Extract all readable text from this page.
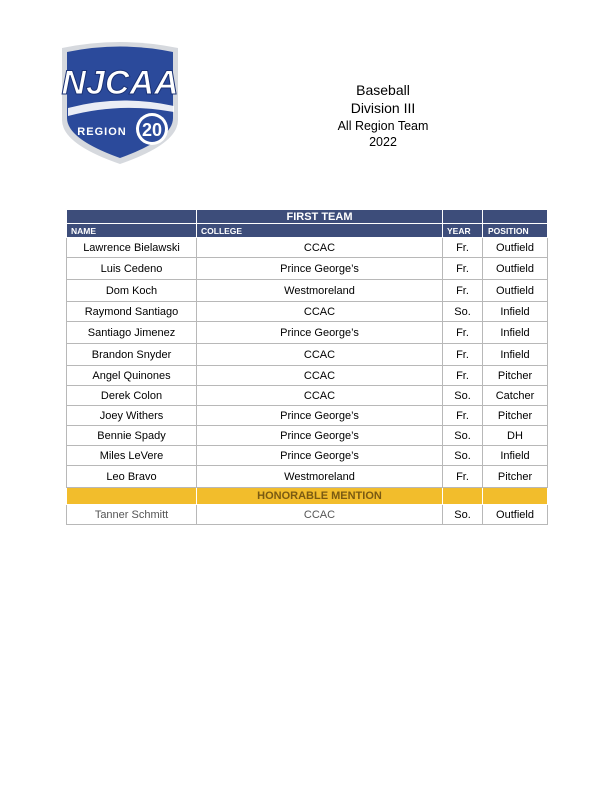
NJCAA
REGION 20
Baseball
Division III
All Region Team
2022
	FIRST TEAM		
NAME	COLLEGE	YEAR	POSITION
Lawrence Bielawski	CCAC	Fr.	Outfield
Luis Cedeno	Prince George’s	Fr.	Outfield
Dom Koch	Westmoreland	Fr.	Outfield
Raymond Santiago	CCAC	So.	Infield
Santiago Jimenez	Prince George’s	Fr.	Infield
Brandon Snyder	CCAC	Fr.	Infield
Angel Quinones	CCAC	Fr.	Pitcher
Derek Colon	CCAC	So.	Catcher
Joey Withers	Prince George’s	Fr.	Pitcher
Bennie Spady	Prince George’s	So.	DH
Miles LeVere	Prince George’s	So.	Infield
Leo Bravo	Westmoreland	Fr.	Pitcher
	HONORABLE MENTION		
Tanner Schmitt	CCAC	So.	Outfield
